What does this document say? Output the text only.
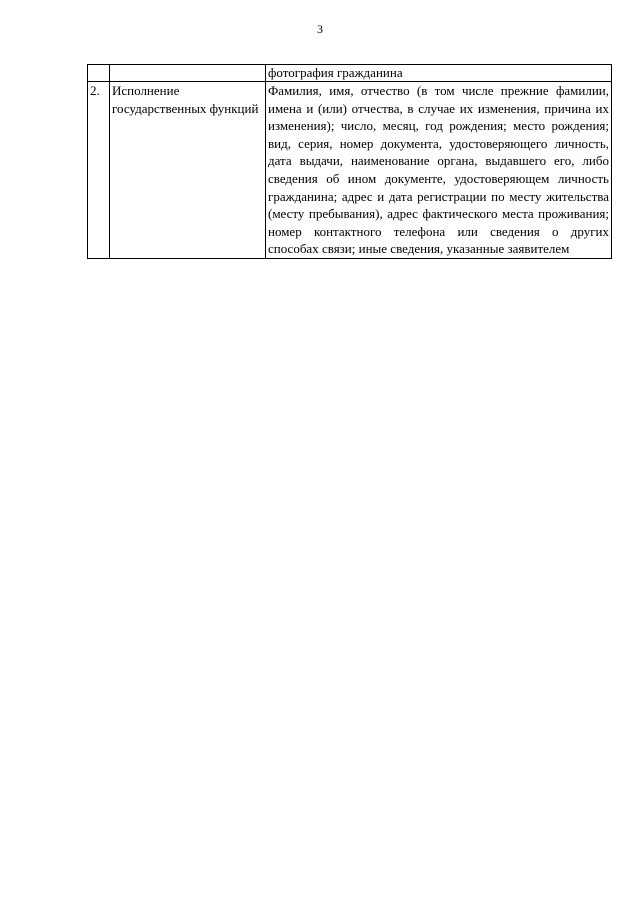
3
		фотография гражданина
2.	Исполнение государственных функций	Фамилия, имя, отчество (в том числе прежние фамилии, имена и (или) отчества, в случае их изменения, причина их изменения); число, месяц, год рождения; место рождения; вид, серия, номер документа, удостоверяющего личность, дата выдачи, наименование органа, выдавшего его, либо сведения об ином документе, удостоверяющем личность гражданина; адрес и дата регистрации по месту жительства (месту пребывания), адрес фактического места проживания; номер контактного телефона или сведения о других способах связи; иные сведения, указанные заявителем
